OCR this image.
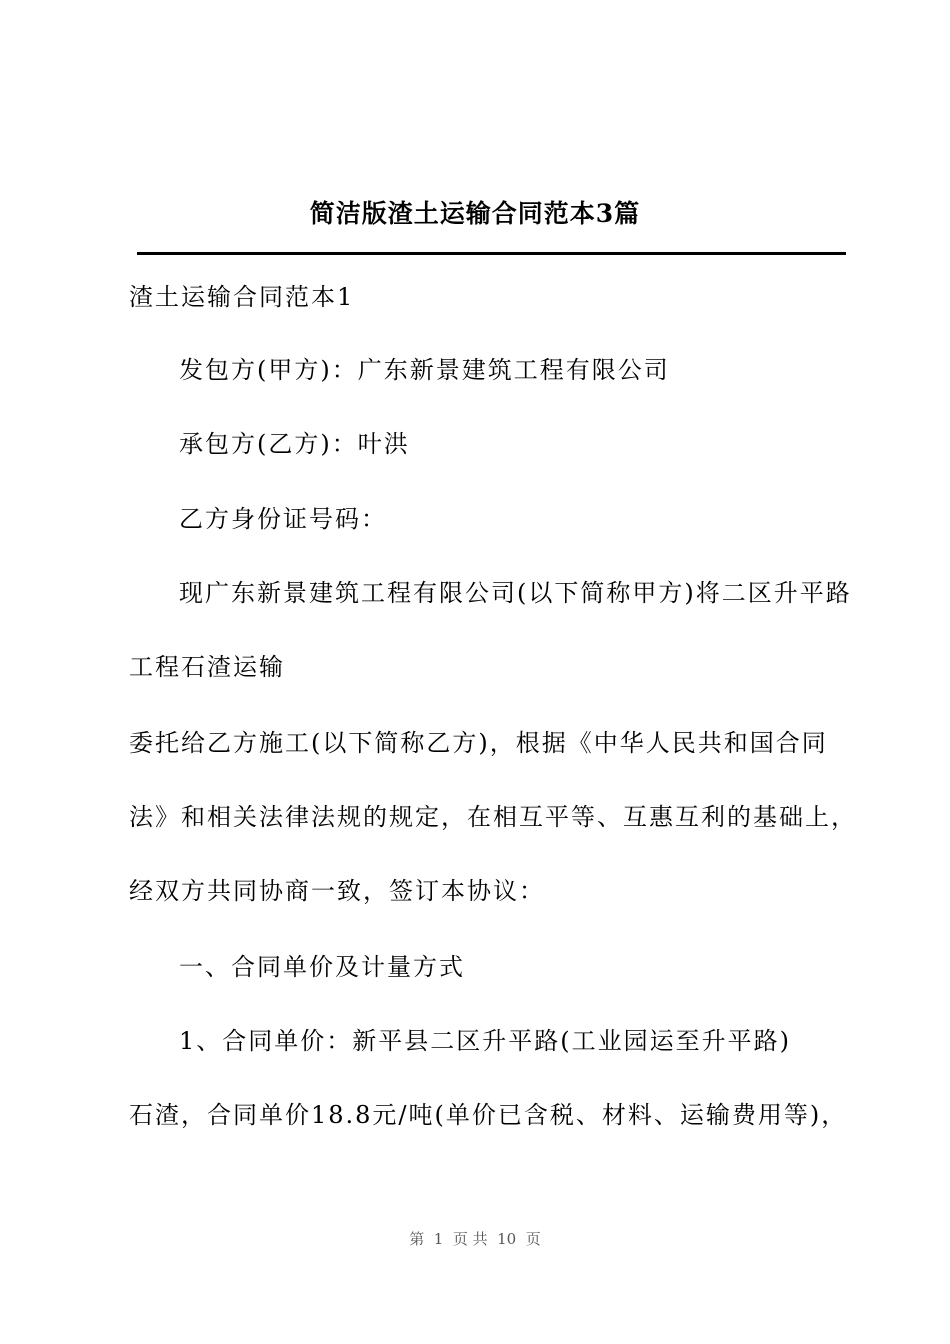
简洁版渣土运输合同范本3篇
渣土运输合同范本1
发包方(甲方)：广东新景建筑工程有限公司
承包方(乙方)：叶洪
乙方身份证号码：
现广东新景建筑工程有限公司(以下简称甲方)将二区升平路
工程石渣运输
委托给乙方施工(以下简称乙方)，根据《中华人民共和国合同
法》和相关法律法规的规定，在相互平等、互惠互利的基础上，
经双方共同协商一致，签订本协议：
一、合同单价及计量方式
1、合同单价：新平县二区升平路(工业园运至升平路)
石渣，合同单价18.8元/吨(单价已含税、材料、运输费用等)，
第  1  页 共  10  页
